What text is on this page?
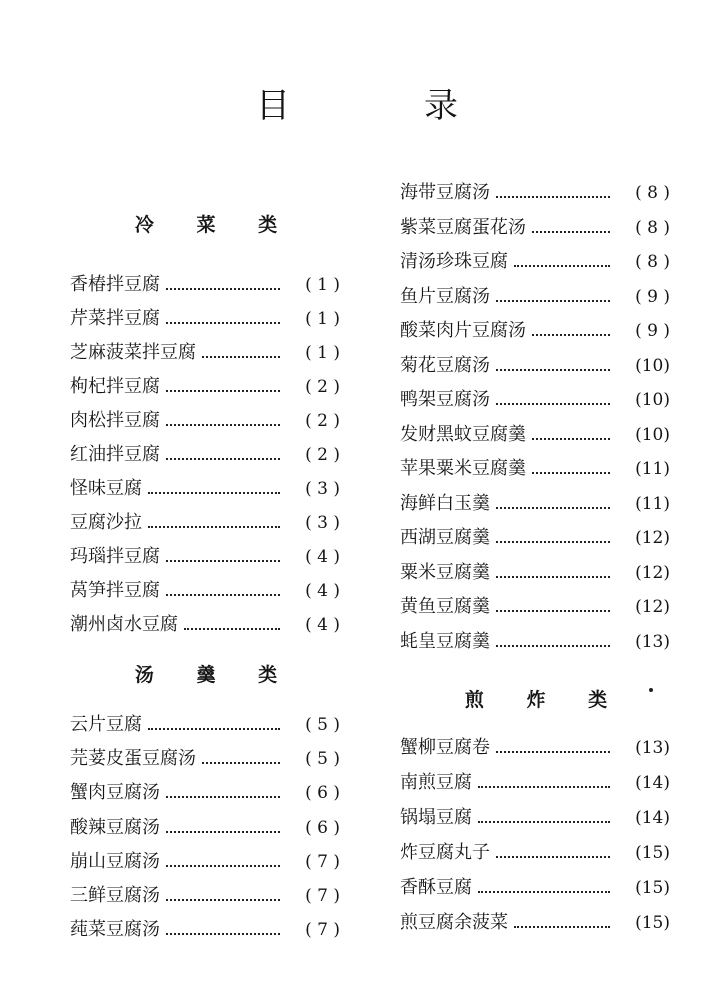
目　录
冷 菜 类
香椿拌豆腐	( 1 )
芹菜拌豆腐	( 1 )
芝麻菠菜拌豆腐	( 1 )
枸杞拌豆腐	( 2 )
肉松拌豆腐	( 2 )
红油拌豆腐	( 2 )
怪味豆腐	( 3 )
豆腐沙拉	( 3 )
玛瑙拌豆腐	( 4 )
莴笋拌豆腐	( 4 )
潮州卤水豆腐	( 4 )
汤 羹 类
云片豆腐	( 5 )
芫荽皮蛋豆腐汤	( 5 )
蟹肉豆腐汤	( 6 )
酸辣豆腐汤	( 6 )
崩山豆腐汤	( 7 )
三鲜豆腐汤	( 7 )
莼菜豆腐汤	( 7 )
海带豆腐汤	( 8 )
紫菜豆腐蛋花汤	( 8 )
清汤珍珠豆腐	( 8 )
鱼片豆腐汤	( 9 )
酸菜肉片豆腐汤	( 9 )
菊花豆腐汤	(10)
鸭架豆腐汤	(10)
发财黑蚊豆腐羹	(10)
苹果粟米豆腐羹	(11)
海鲜白玉羹	(11)
西湖豆腐羹	(12)
粟米豆腐羹	(12)
黄鱼豆腐羹	(12)
蚝皇豆腐羹	(13)
煎 炸 类
蟹柳豆腐卷	(13)
南煎豆腐	(14)
锅塌豆腐	(14)
炸豆腐丸子	(15)
香酥豆腐	(15)
煎豆腐余菠菜	(15)
